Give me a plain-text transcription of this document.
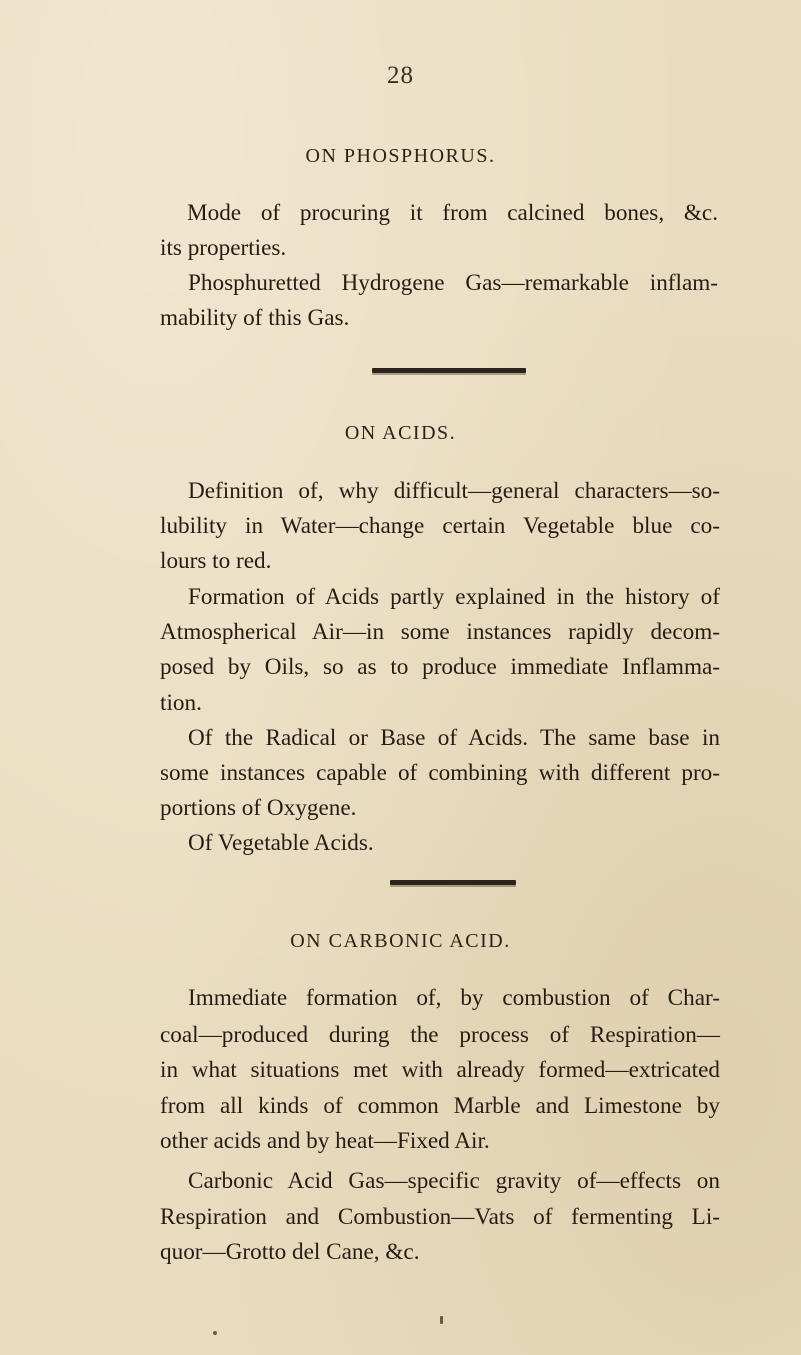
28
ON PHOSPHORUS.
Mode of procuring it from calcined bones, &c.
its properties.
Phosphuretted Hydrogene Gas—remarkable inflam-
mability of this Gas.
ON ACIDS.
Definition of, why difficult—general characters—so-
lubility in Water—change certain Vegetable blue co-
lours to red.
Formation of Acids partly explained in the history of
Atmospherical Air—in some instances rapidly decom-
posed by Oils, so as to produce immediate Inflamma-
tion.
Of the Radical or Base of Acids. The same base in
some instances capable of combining with different pro-
portions of Oxygene.
Of Vegetable Acids.
ON CARBONIC ACID.
Immediate formation of, by combustion of Char-
coal—produced during the process of Respiration—
in what situations met with already formed—extricated
from all kinds of common Marble and Limestone by
other acids and by heat—Fixed Air.
Carbonic Acid Gas—specific gravity of—effects on
Respiration and Combustion—Vats of fermenting Li-
quor—Grotto del Cane, &c.
